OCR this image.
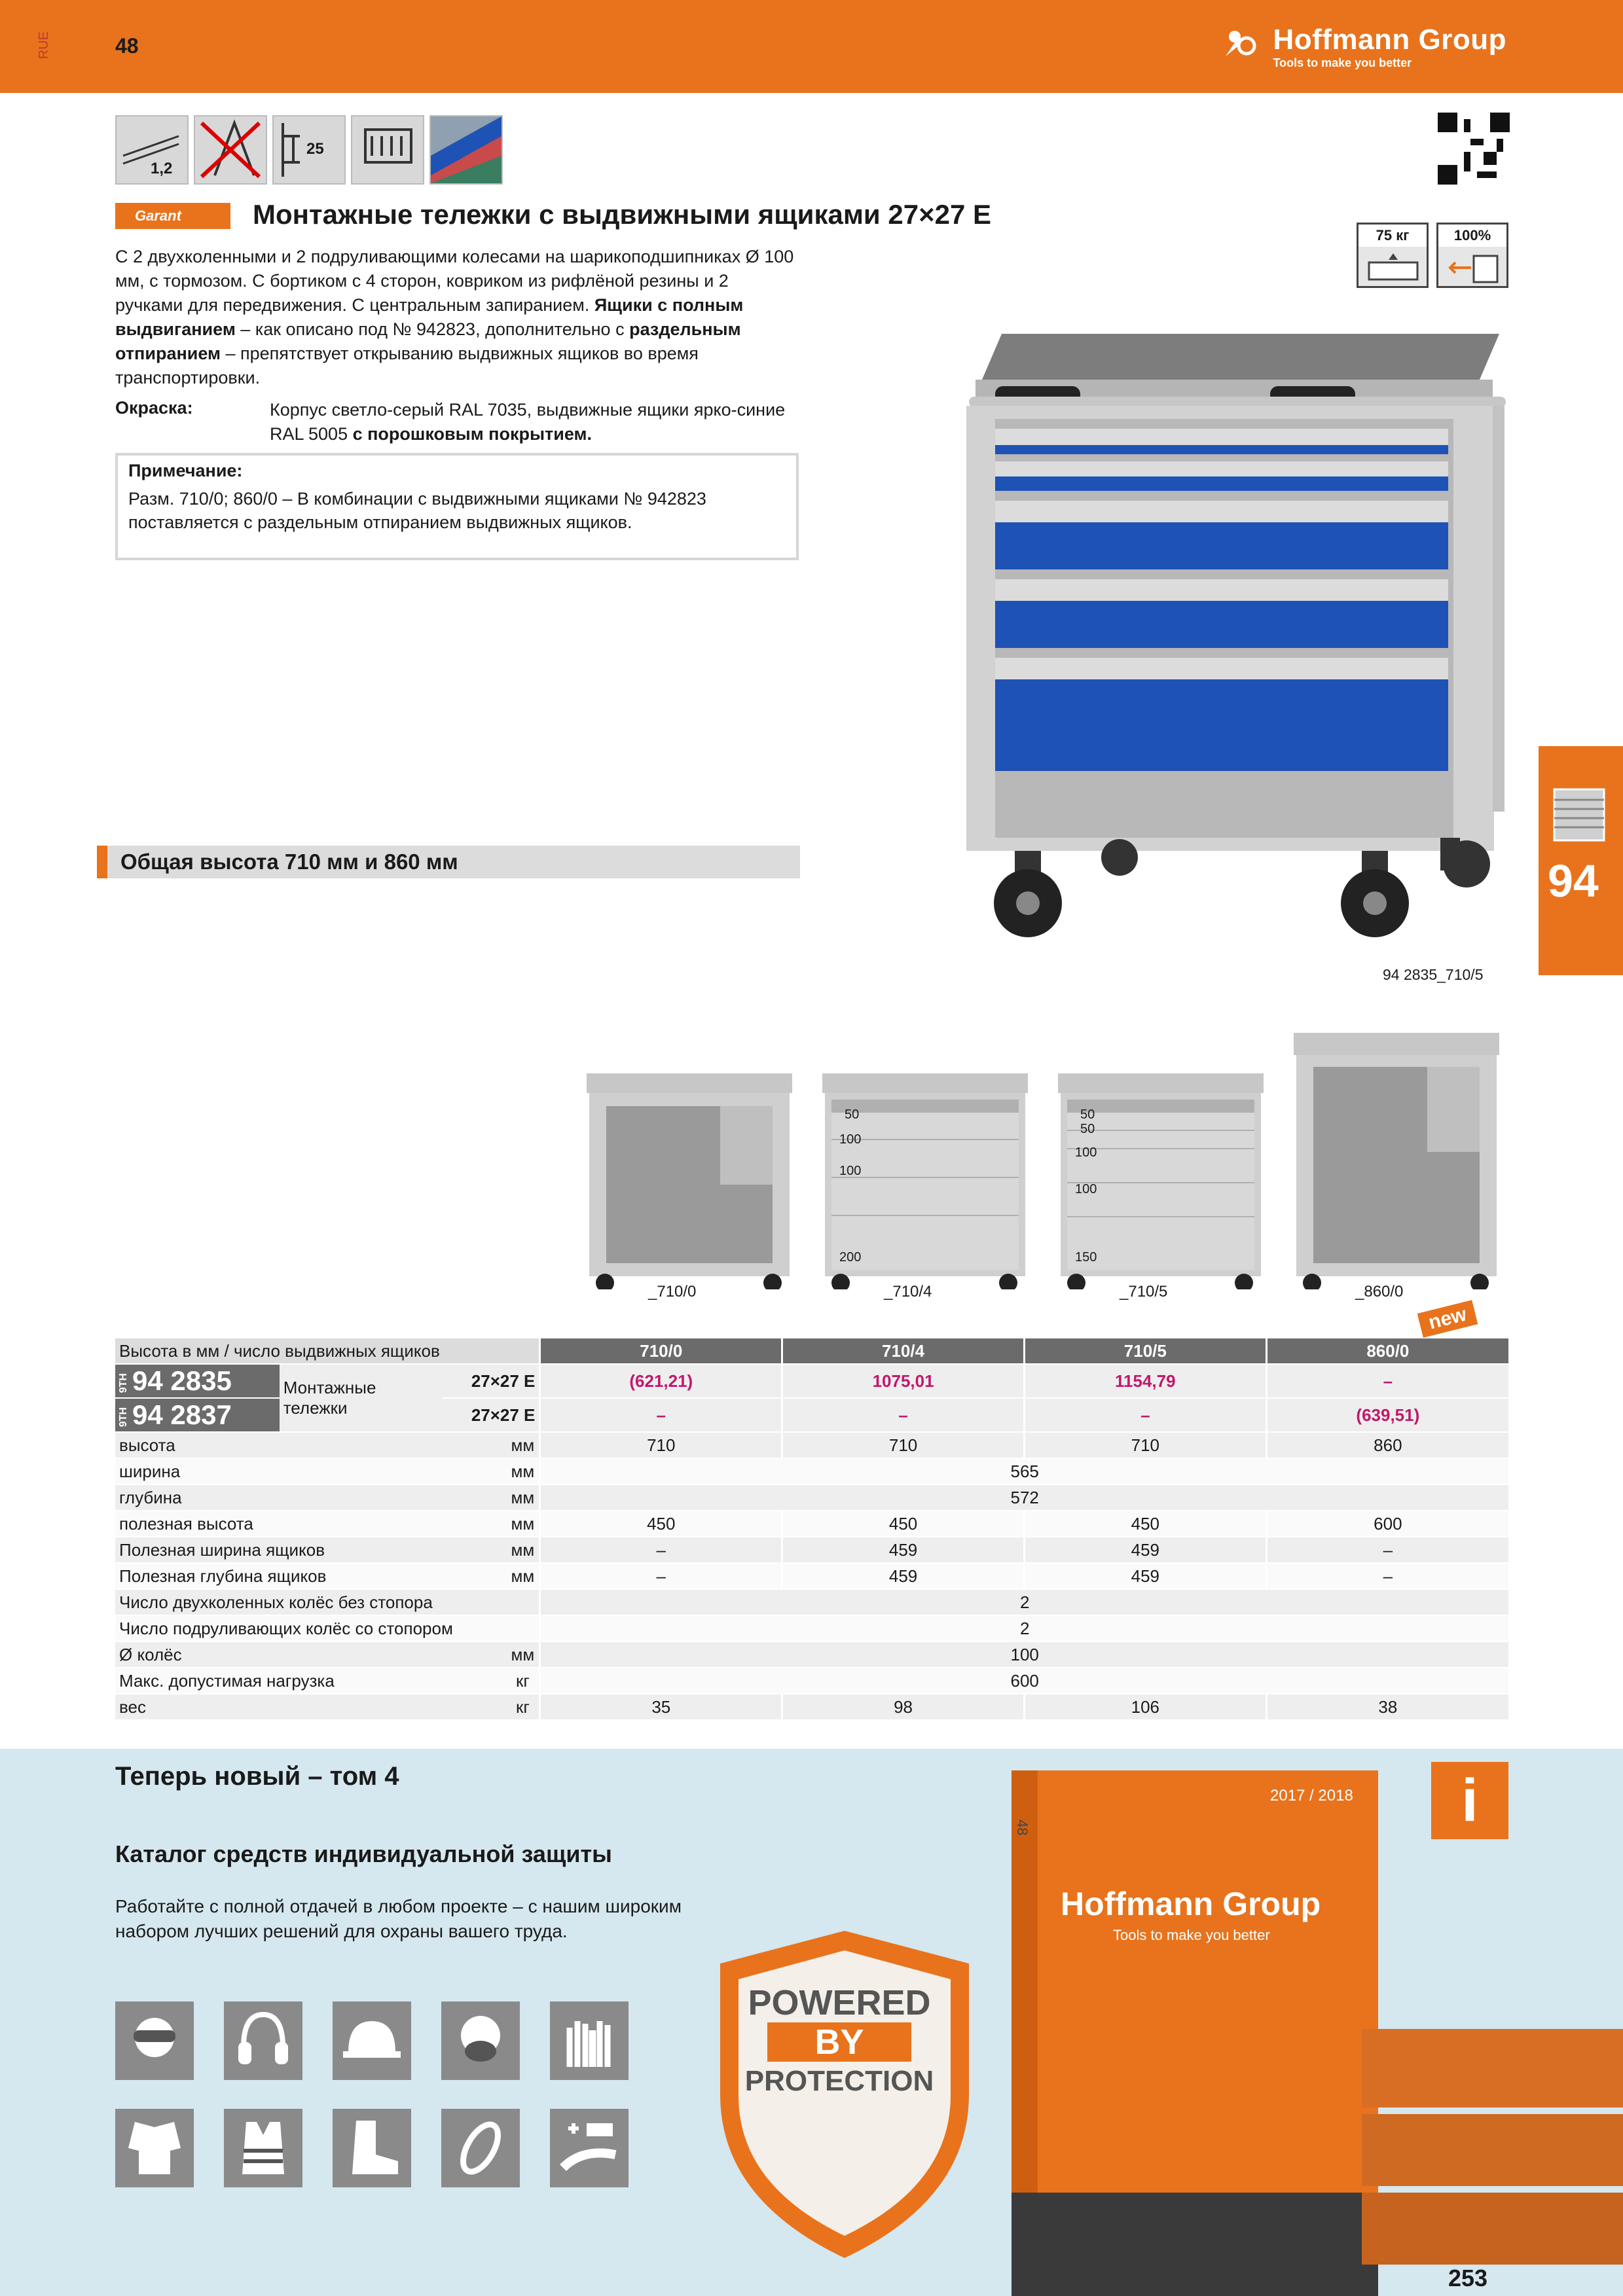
RUE	48	Hoffmann Group
Tools to make you better
1,2
25
Garant	Монтажные тележки с выдвижными ящиками 27×27 E
75 кг	100%
С 2 двухколенными и 2 подруливающими колесами на шарикоподшипниках Ø 100 мм, с тормозом. С бортиком с 4 сторон, ковриком из рифлёной резины и 2 ручками для передвижения. С центральным запиранием. Ящики с полным выдвиганием – как описано под № 942823, дополнительно с раздельным отпиранием – препятствует открыванию выдвижных ящиков во время транспортировки.
Окраска:	Корпус светло-серый RAL 7035, выдвижные ящики ярко-синие RAL 5005 с порошковым покрытием.
Примечание:
Разм. 710/0; 860/0 – В комбинации с выдвижными ящиками № 942823 поставляется с раздельным отпиранием выдвижных ящиков.
Общая высота 710 мм и 860 мм
94 2835_710/5
94
_710/0
50
100
100
200
_710/4
50
50
100
100
150
_710/5	_860/0
new
Высота в мм / число выдвижных ящиков				710/0	710/4	710/5	860/0
9TH 94 2835	Монтажные тележки	27×27 E		(621,21)	1075,01	1154,79	–
9TH 94 2837		27×27 E		–	–	–	(639,51)
высота			мм	710	710	710	860
ширина			мм	565			
глубина			мм	572			
полезная высота			мм	450	450	450	600
Полезная ширина ящиков			мм	–	459	459	–
Полезная глубина ящиков			мм	–	459	459	–
Число двухколенных колёс без стопора				2			
Число подруливающих колёс со стопором				2			
Ø колёс			мм	100			
Макс. допустимая нагрузка			кг	600			
вес			кг	35	98	106	38
Теперь новый – том 4
Каталог средств индивидуальной защиты
Работайте с полной отдачей в любом проекте – с нашим широким набором лучших решений для охраны вашего труда.
POWERED
BY
PROTECTION
48
2017 / 2018
Hoffmann Group
Tools to make you better
i
253
